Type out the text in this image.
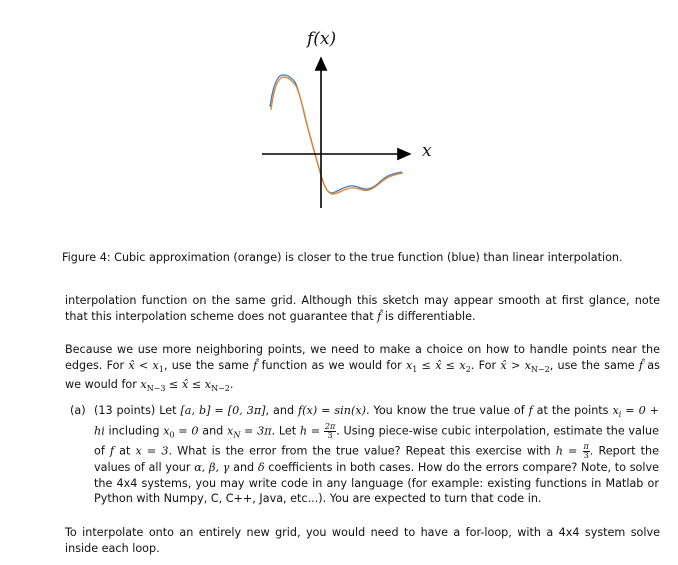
f(x)
x
Figure 4: Cubic approximation (orange) is closer to the true function (blue) than linear interpolation.
interpolation function on the same grid. Although this sketch may appear smooth at first glance, note that this interpolation scheme does not guarantee that f̂ is differentiable.
Because we use more neighboring points, we need to make a choice on how to handle points near the edges. For x̂ < $x_1$, use the same f̂ function as we would for $x_1$ ≤ x̂ ≤ $x_2$. For x̂ > $x_{N-2}$, use the same f̂ as we would for $x_{N-3}$ ≤ x̂ ≤ $x_{N-2}$.
(a) (13 points) Let [a, b] = [0, 3π], and f(x) = sin(x). You know the true value of f at the points $x_i = 0$ + hi including $x_0 = 0$ and $x_N = 3\pi$. Let $h = \frac{2\pi}{3}$ . Using piece-wise cubic interpolation, estimate the value of f at x = 3. What is the error from the true value? Repeat this exercise with $h = \frac{\pi}{3}$ . Report the values of all your α, β, γ and δ coefficients in both cases. How do the errors compare? Note, to solve the 4x4 systems, you may write code in any language (for example: existing functions in Matlab or Python with Numpy, C, C++, Java, etc...). You are expected to turn that code in.
To interpolate onto an entirely new grid, you would need to have a for-loop, with a 4x4 system solve inside each loop.
